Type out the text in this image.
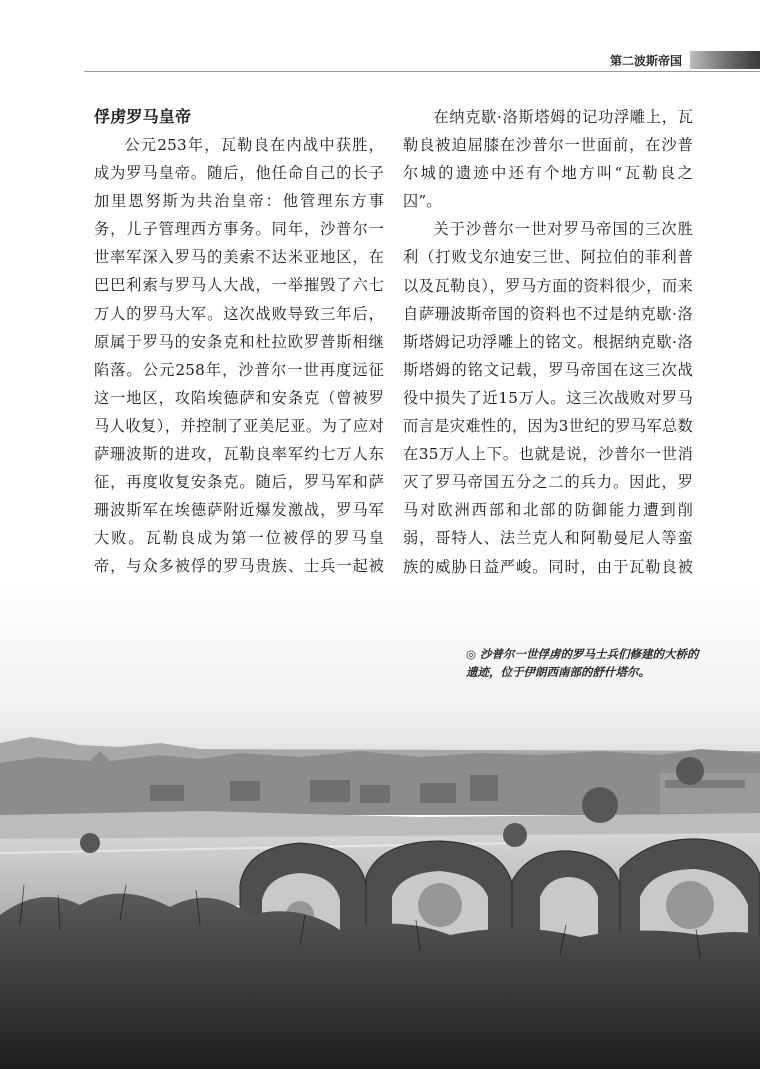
第二波斯帝国
俘虏罗马皇帝

公元253年，瓦勒良在内战中获胜，成为罗马皇帝。随后，他任命自己的长子加里恩努斯为共治皇帝：他管理东方事务，儿子管理西方事务。同年，沙普尔一世率军深入罗马的美索不达米亚地区，在巴巴利索与罗马人大战，一举摧毁了六七万人的罗马大军。这次战败导致三年后，原属于罗马的安条克和杜拉欧罗普斯相继陷落。公元258年，沙普尔一世再度远征这一地区，攻陷埃德萨和安条克（曾被罗马人收复），并控制了亚美尼亚。为了应对萨珊波斯的进攻，瓦勒良率军约七万人东征，再度收复安条克。随后，罗马军和萨珊波斯军在埃德萨附近爆发激战，罗马军大败。瓦勒良成为第一位被俘的罗马皇帝，与众多被俘的罗马贵族、士兵一起被

在纳克歇·洛斯塔姆的记功浮雕上，瓦勒良被迫屈膝在沙普尔一世面前，在沙普尔城的遗迹中还有个地方叫“瓦勒良之囚”。

关于沙普尔一世对罗马帝国的三次胜利（打败戈尔迪安三世、阿拉伯的菲利普以及瓦勒良），罗马方面的资料很少，而来自萨珊波斯帝国的资料也不过是纳克歇·洛斯塔姆记功浮雕上的铭文。根据纳克歇·洛斯塔姆的铭文记载，罗马帝国在这三次战役中损失了近15万人。这三次战败对罗马而言是灾难性的，因为3世纪的罗马军总数在35万人上下。也就是说，沙普尔一世消灭了罗马帝国五分之二的兵力。因此，罗马对欧洲西部和北部的防御能力遭到削弱，哥特人、法兰克人和阿勒曼尼人等蛮族的威胁日益严峻。同时，由于瓦勒良被

◎ 沙普尔一世俘虏的罗马士兵们修建的大桥的遗迹，位于伊朗西南部的舒什塔尔。
